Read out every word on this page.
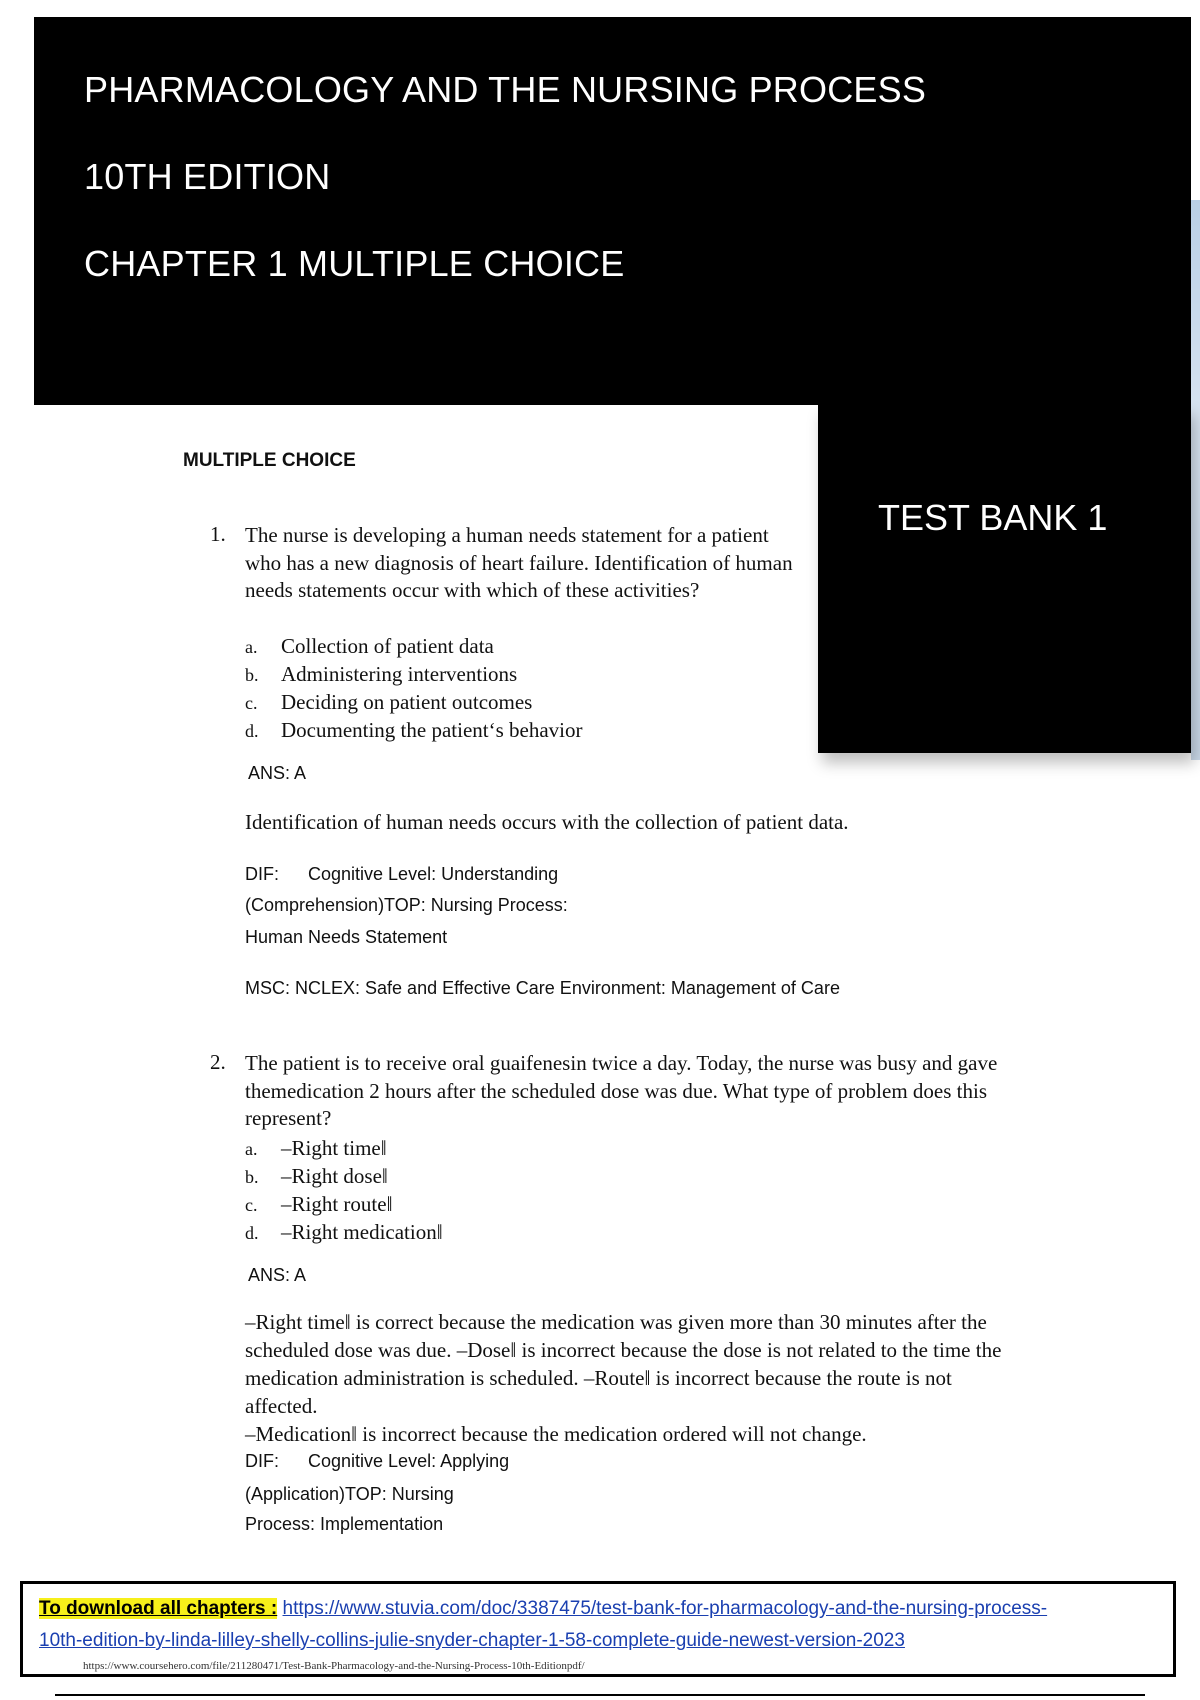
PHARMACOLOGY AND THE NURSING PROCESS
10TH EDITION
CHAPTER 1 MULTIPLE CHOICE
TEST BANK 1
MULTIPLE CHOICE
1. The nurse is developing a human needs statement for a patient who has a new diagnosis of heart failure. Identification of human needs statements occur with which of these activities?
a. Collection of patient data
b. Administering interventions
c. Deciding on patient outcomes
d. Documenting the patient‘s behavior
ANS: A
Identification of human needs occurs with the collection of patient data.
DIF: Cognitive Level: Understanding
(Comprehension)TOP: Nursing Process:
Human Needs Statement
MSC: NCLEX: Safe and Effective Care Environment: Management of Care
2. The patient is to receive oral guaifenesin twice a day. Today, the nurse was busy and gave themedication 2 hours after the scheduled dose was due. What type of problem does this represent?
a. –Right time‖
b. –Right dose‖
c. –Right route‖
d. –Right medication‖
ANS: A
–Right time‖ is correct because the medication was given more than 30 minutes after the scheduled dose was due. –Dose‖ is incorrect because the dose is not related to the time the medication administration is scheduled. –Route‖ is incorrect because the route is not affected.
–Medication‖ is incorrect because the medication ordered will not change.
DIF: Cognitive Level: Applying
(Application)TOP: Nursing
Process: Implementation
To download all chapters : https://www.stuvia.com/doc/3387475/test-bank-for-pharmacology-and-the-nursing-process-
10th-edition-by-linda-lilley-shelly-collins-julie-snyder-chapter-1-58-complete-guide-newest-version-2023
https://www.coursehero.com/file/211280471/Test-Bank-Pharmacology-and-the-Nursing-Process-10th-Editionpdf/
